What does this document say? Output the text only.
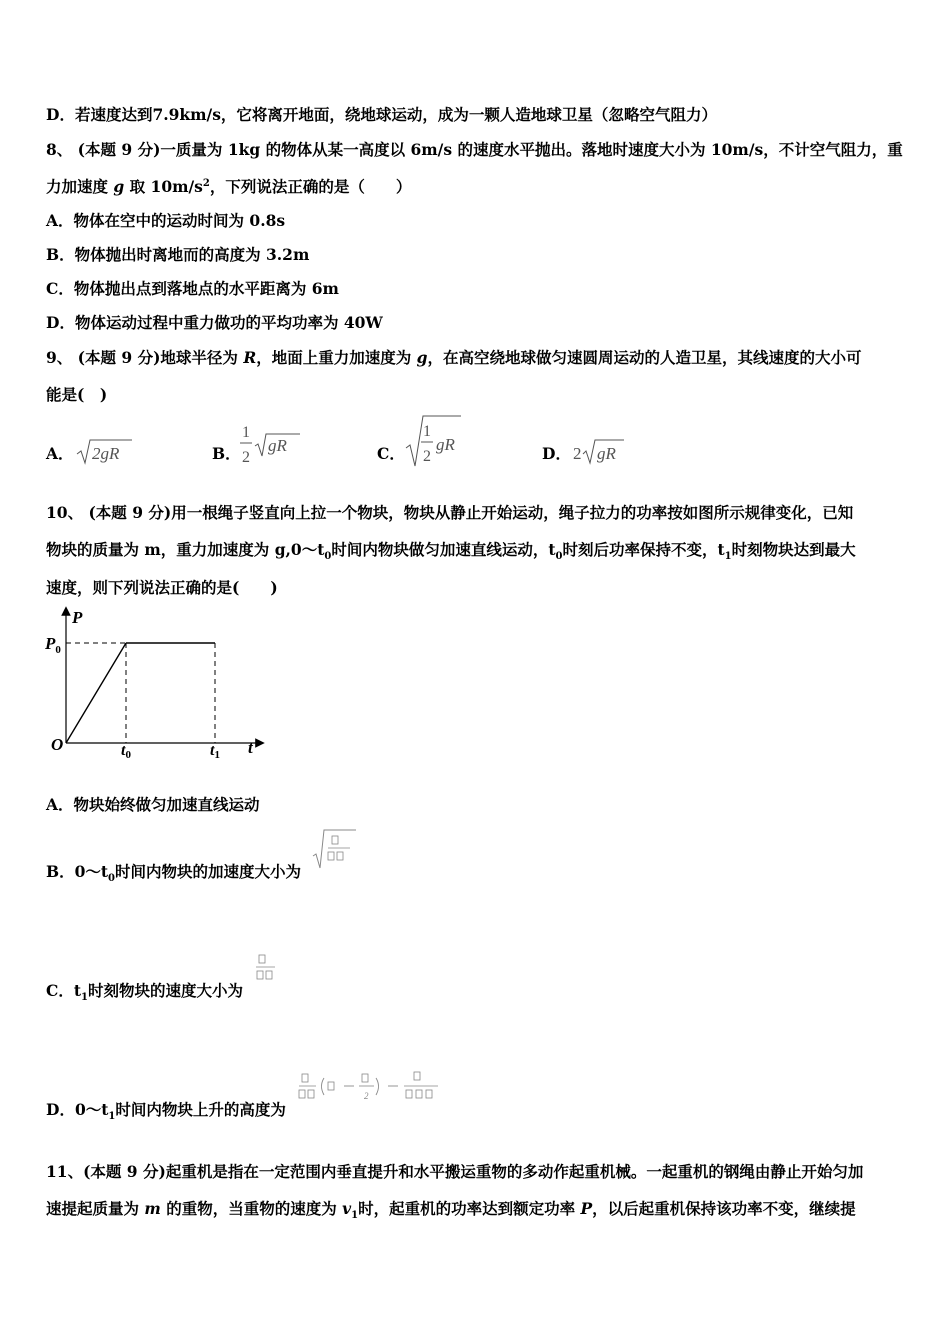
D．若速度达到7.9km/s，它将离开地面，绕地球运动，成为一颗人造地球卫星（忽略空气阻力）
8、 (本题 9 分)一质量为 1kg 的物体从某一高度以 6m/s 的速度水平抛出。落地时速度大小为 10m/s，不计空气阻力，重
力加速度 g 取 $10m/s^2$，下列说法正确的是（　　）
A．物体在空中的运动时间为 0.8s
B．物体抛出时离地而的高度为 3.2m
C．物体抛出点到落地点的水平距离为 6m
D．物体运动过程中重力做功的平均功率为 40W
9、 (本题 9 分)地球半径为 R，地面上重力加速度为 g，在高空绕地球做匀速圆周运动的人造卫星，其线速度的大小可
能是(　)
A． 2gR	B．
1
2
gR	C．
1
2
gR	D． 2 gR
10、 (本题 9 分)用一根绳子竖直向上拉一个物块，物块从静止开始运动，绳子拉力的功率按如图所示规律变化，已知
物块的质量为 m，重力加速度为 $g,0\sim t_0$时间内物块做匀加速直线运动，$t_0$时刻后功率保持不变，$t_1$时刻物块达到最大
速度，则下列说法正确的是(　　)
P
$P_0$
O	t0	t1 t
A．物块始终做匀加速直线运动
B．$0\sim t_0$时间内物块的加速度大小为
C．$t_1$时刻物块的速度大小为
D．$0\sim t_1$时间内物块上升的高度为
2
11、(本题 9 分)起重机是指在一定范围内垂直提升和水平搬运重物的多动作起重机械。一起重机的钢绳由静止开始匀加
速提起质量为 m 的重物，当重物的速度为 $v_1$时，起重机的功率达到额定功率 P，以后起重机保持该功率不变，继续提
